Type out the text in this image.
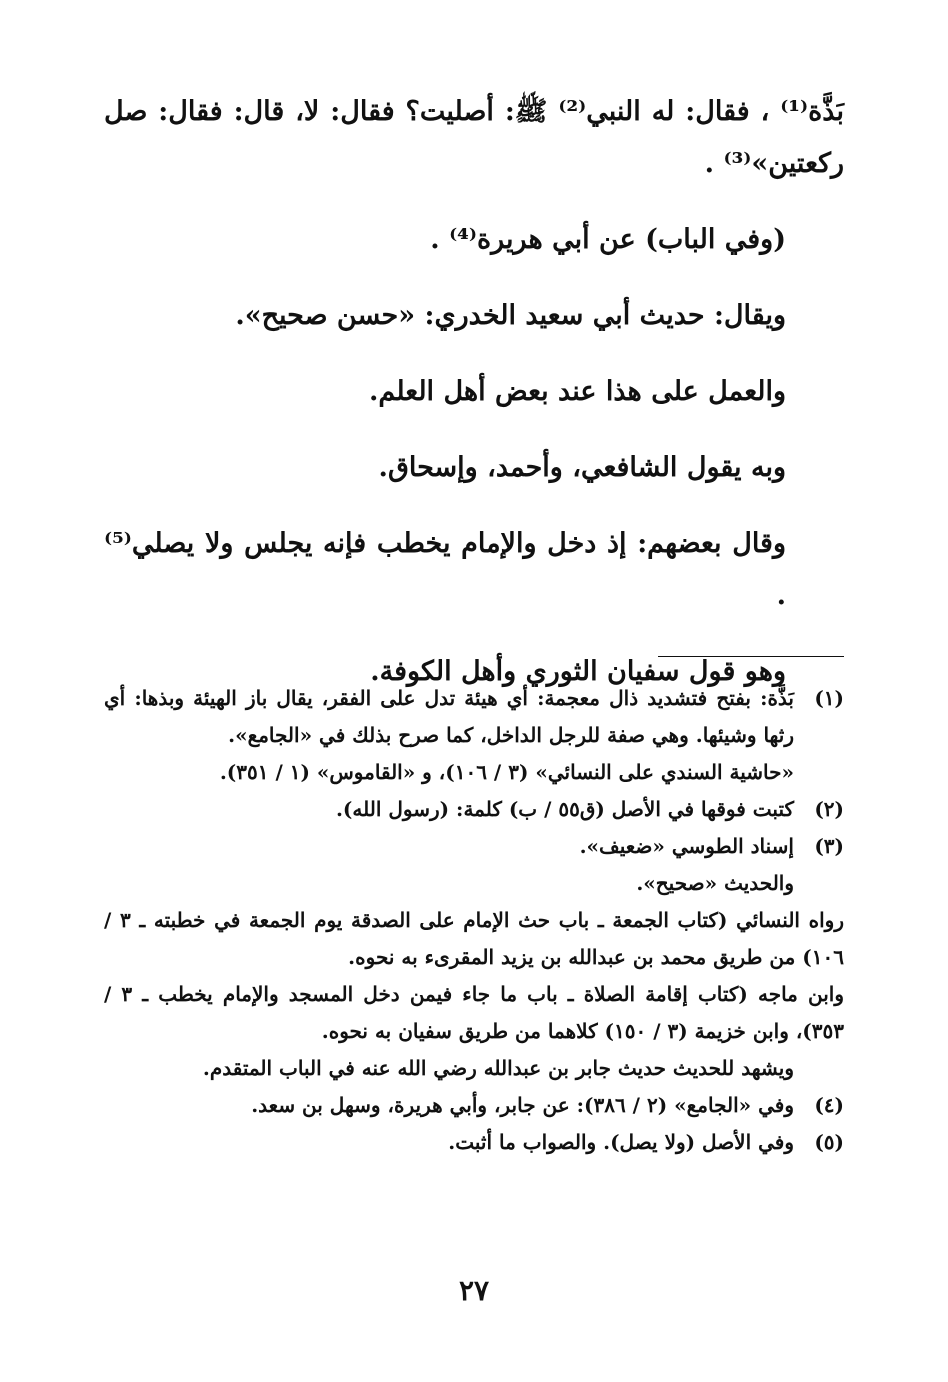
بَذَّة⁽¹⁾ ، فقال: له النبي⁽²⁾ ﷺ: أصليت؟ فقال: لا، قال: فقال: صل ركعتين»⁽³⁾ .

(وفي الباب) عن أبي هريرة⁽⁴⁾ .

ويقال: حديث أبي سعيد الخدري: «حسن صحيح».

والعمل على هذا عند بعض أهل العلم.

وبه يقول الشافعي، وأحمد، وإسحاق.

وقال بعضهم: إذ دخل والإمام يخطب فإنه يجلس ولا يصلي⁽⁵⁾ .

وهو قول سفيان الثوري وأهل الكوفة.

(١)
بَذَّة: بفتح فتشديد ذال معجمة: أي هيئة تدل على الفقر، يقال باز الهيئة وبذها: أي رثها وشيئها. وهي صفة للرجل الداخل، كما صرح بذلك في «الجامع».

«حاشية السندي على النسائي» (٣ / ١٠٦)، و «القاموس» (١ / ٣٥١).

(٢)
كتبت فوقها في الأصل (ق٥٥ / ب) كلمة: (رسول الله).
(٣)
إسناد الطوسي «ضعيف».

والحديث «صحيح».

رواه النسائي (كتاب الجمعة ـ باب حث الإمام على الصدقة يوم الجمعة في خطبته ـ ٣ / ١٠٦) من طريق محمد بن عبدالله بن يزيد المقرىء به نحوه.

وابن ماجه (كتاب إقامة الصلاة ـ باب ما جاء فيمن دخل المسجد والإمام يخطب ـ ٣ / ٣٥٣)، وابن خزيمة (٣ / ١٥٠) كلاهما من طريق سفيان به نحوه.

ويشهد للحديث حديث جابر بن عبدالله رضي الله عنه في الباب المتقدم.

(٤)
وفي «الجامع» (٢ / ٣٨٦): عن جابر، وأبي هريرة، وسهل بن سعد.
(٥)
وفي الأصل (ولا يصل). والصواب ما أثبت.
٢٧
